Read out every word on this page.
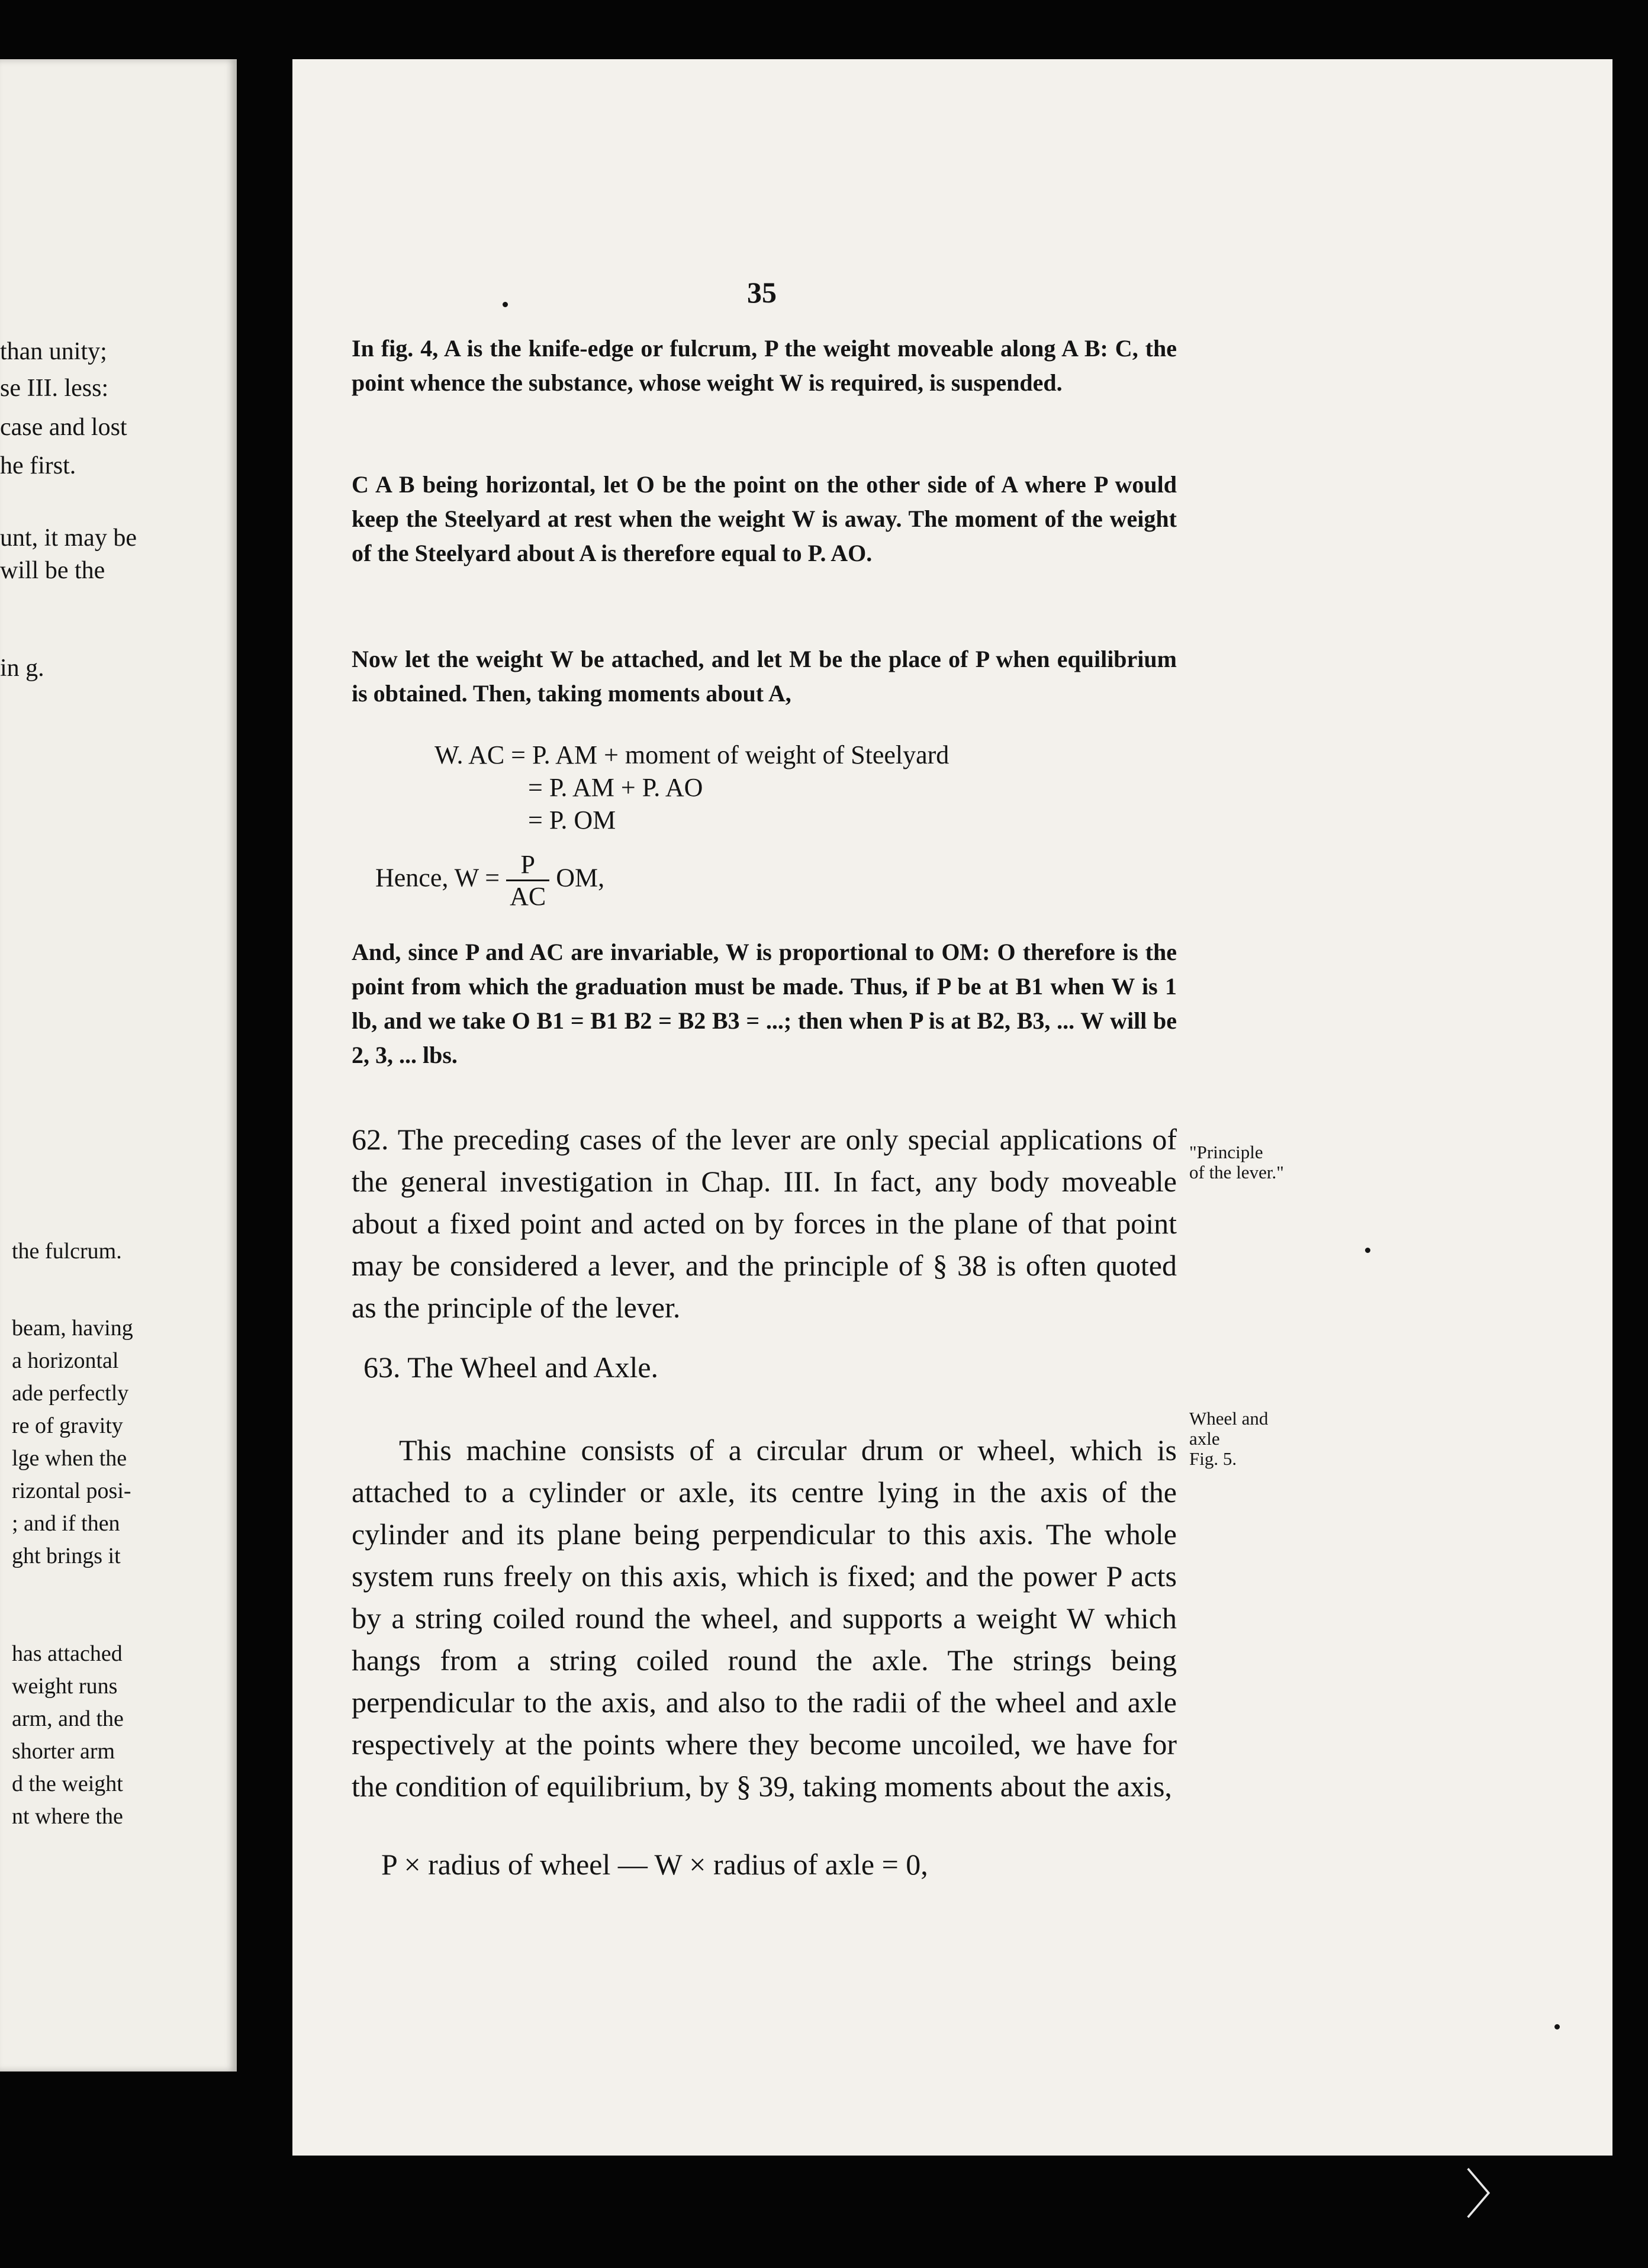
than unity;
se III. less:
case and lost
he first.
unt, it may be
will be the
in g.
the fulcrum.
beam, having
a horizontal
ade perfectly
re of gravity
lge when the
rizontal posi-
; and if then
ght brings it
has attached
weight runs
arm, and the
shorter arm
d the weight
nt where the
35

In fig. 4, A is the knife-edge or fulcrum, P the weight moveable along A B: C, the point whence the substance, whose weight W is required, is suspended.

C A B being horizontal, let O be the point on the other side of A where P would keep the Steelyard at rest when the weight W is away. The moment of the weight of the Steelyard about A is therefore equal to P. AO.

Now let the weight W be attached, and let M be the place of P when equilibrium is obtained. Then, taking moments about A,

W. AC = P. AM + moment of weight of Steelyard
= P. AM + P. AO
= P. OM
Hence, $W = \frac{P}{AC}$ OM,

And, since P and AC are invariable, W is proportional to OM: O therefore is the point from which the graduation must be made. Thus, if P be at B1 when W is 1 lb, and we take O B1 = B1 B2 = B2 B3 = ...; then when P is at B2, B3, ... W will be 2, 3, ... lbs.

62. The preceding cases of the lever are only special applications of the general investigation in Chap. III. In fact, any body moveable about a fixed point and acted on by forces in the plane of that point may be considered a lever, and the principle of § 38 is often quoted as the principle of the lever.

63. The Wheel and Axle.

This machine consists of a circular drum or wheel, which is attached to a cylinder or axle, its centre lying in the axis of the cylinder and its plane being perpendicular to this axis. The whole system runs freely on this axis, which is fixed; and the power P acts by a string coiled round the wheel, and supports a weight W which hangs from a string coiled round the axle. The strings being perpendicular to the axis, and also to the radii of the wheel and axle respectively at the points where they become uncoiled, we have for the condition of equilibrium, by § 39, taking moments about the axis,

P × radius of wheel — W × radius of axle = 0,
"Principle
of the lever."
Wheel and
axle
Fig. 5.
〉
